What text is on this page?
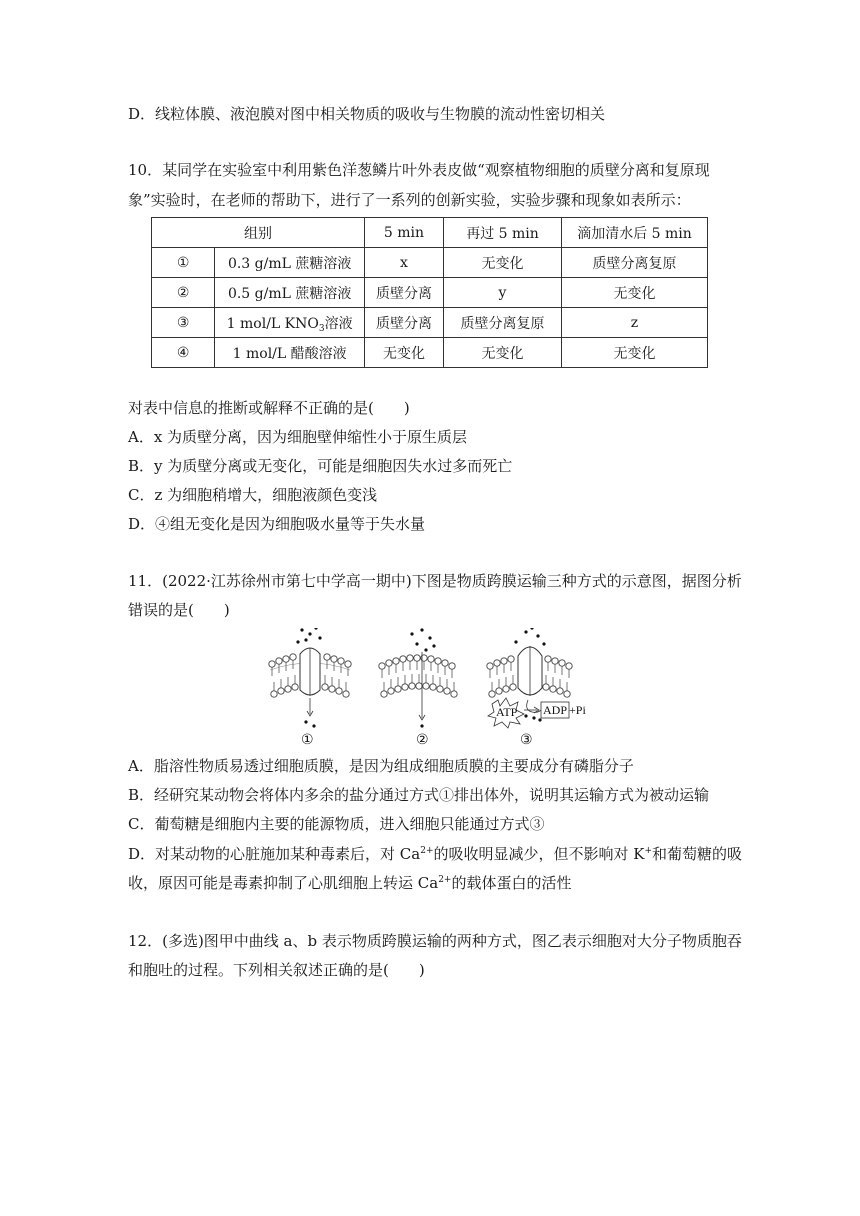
D．线粒体膜、液泡膜对图中相关物质的吸收与生物膜的流动性密切相关
10．某同学在实验室中利用紫色洋葱鳞片叶外表皮做“观察植物细胞的质壁分离和复原现
象”实验时，在老师的帮助下，进行了一系列的创新实验，实验步骤和现象如表所示：
组别		5 min	再过 5 min	滴加清水后 5 min
①	0.3 g/mL 蔗糖溶液	x	无变化	质壁分离复原
②	0.5 g/mL 蔗糖溶液	质壁分离	y	无变化
③	1 mol/L $KNO_3$溶液	质壁分离	质壁分离复原	z
④	1 mol/L 醋酸溶液	无变化	无变化	无变化
对表中信息的推断或解释不正确的是(　　)
A．x 为质壁分离，因为细胞壁伸缩性小于原生质层
B．y 为质壁分离或无变化，可能是细胞因失水过多而死亡
C．z 为细胞稍增大，细胞液颜色变浅
D．④组无变化是因为细胞吸水量等于失水量
11．(2022·江苏徐州市第七中学高一期中)下图是物质跨膜运输三种方式的示意图，据图分析
错误的是(　　)
ATP ADP +Pi
①	②	③
A．脂溶性物质易透过细胞质膜，是因为组成细胞质膜的主要成分有磷脂分子
B．经研究某动物会将体内多余的盐分通过方式①排出体外，说明其运输方式为被动运输
C．葡萄糖是细胞内主要的能源物质，进入细胞只能通过方式③
D．对某动物的心脏施加某种毒素后，对 $Ca^{2+}$的吸收明显减少，但不影响对 K+和葡萄糖的吸
收，原因可能是毒素抑制了心肌细胞上转运 $Ca^{2+}$的载体蛋白的活性
12．(多选)图甲中曲线 a、b 表示物质跨膜运输的两种方式，图乙表示细胞对大分子物质胞吞
和胞吐的过程。下列相关叙述正确的是(　　)
